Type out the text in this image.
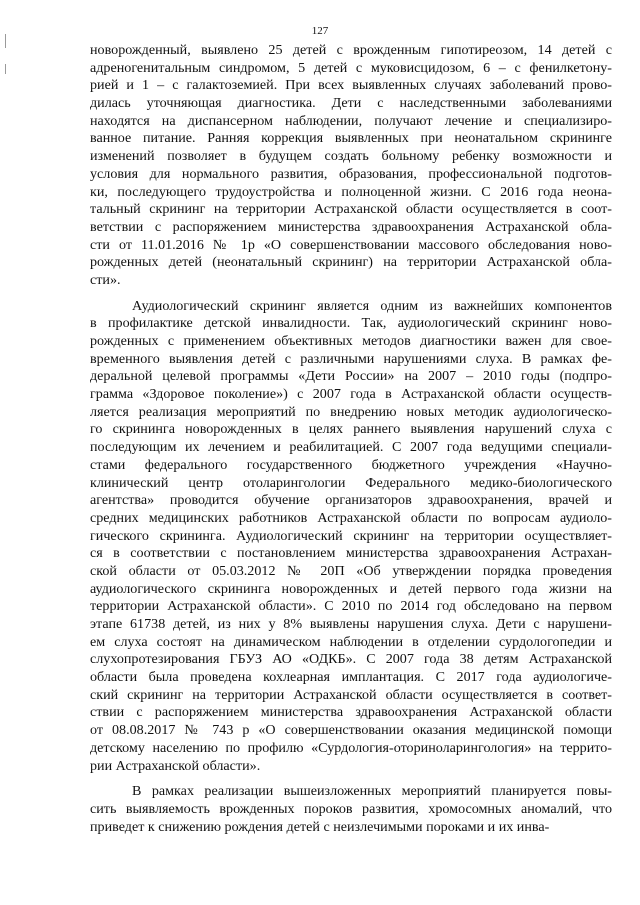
127
новорожденный, выявлено 25 детей с врожденным гипотиреозом, 14 детей с
адреногенитальным синдромом, 5 детей с муковисцидозом, 6 – с фенилкетону-
рией и 1 – с галактоземией. При всех выявленных случаях заболеваний прово-
дилась уточняющая диагностика. Дети с наследственными заболеваниями
находятся на диспансерном наблюдении, получают лечение и специализиро-
ванное питание. Ранняя коррекция выявленных при неонатальном скрининге
изменений позволяет в будущем создать больному ребенку возможности и
условия для нормального развития, образования, профессиональной подготов-
ки, последующего трудоустройства и полноценной жизни. С 2016 года неона-
тальный скрининг на территории Астраханской области осуществляется в соот-
ветствии с распоряжением министерства здравоохранения Астраханской обла-
сти от 11.01.2016 № 1р «О совершенствовании массового обследования ново-
рожденных детей (неонатальный скрининг) на территории Астраханской обла-
сти».
Аудиологический скрининг является одним из важнейших компонентов
в профилактике детской инвалидности. Так, аудиологический скрининг ново-
рожденных с применением объективных методов диагностики важен для свое-
временного выявления детей с различными нарушениями слуха. В рамках фе-
деральной целевой программы «Дети России» на 2007 – 2010 годы (подпро-
грамма «Здоровое поколение») с 2007 года в Астраханской области осуществ-
ляется реализация мероприятий по внедрению новых методик аудиологическо-
го скрининга новорожденных в целях раннего выявления нарушений слуха с
последующим их лечением и реабилитацией. С 2007 года ведущими специали-
стами федерального государственного бюджетного учреждения «Научно-
клинический центр отоларингологии Федерального медико-биологического
агентства» проводится обучение организаторов здравоохранения, врачей и
средних медицинских работников Астраханской области по вопросам аудиоло-
гического скрининга. Аудиологический скрининг на территории осуществляет-
ся в соответствии с постановлением министерства здравоохранения Астрахан-
ской области от 05.03.2012 № 20П «Об утверждении порядка проведения
аудиологического скрининга новорожденных и детей первого года жизни на
территории Астраханской области». С 2010 по 2014 год обследовано на первом
этапе 61738 детей, из них у 8% выявлены нарушения слуха. Дети с нарушени-
ем слуха состоят на динамическом наблюдении в отделении сурдологопедии и
слухопротезирования ГБУЗ АО «ОДКБ». С 2007 года 38 детям Астраханской
области была проведена кохлеарная имплантация. С 2017 года аудиологиче-
ский скрининг на территории Астраханской области осуществляется в соответ-
ствии с распоряжением министерства здравоохранения Астраханской области
от 08.08.2017 № 743 р «О совершенствовании оказания медицинской помощи
детскому населению по профилю «Сурдология-оториноларингология» на террито-
рии Астраханской области».
В рамках реализации вышеизложенных мероприятий планируется повы-
сить выявляемость врожденных пороков развития, хромосомных аномалий, что
приведет к снижению рождения детей с неизлечимыми пороками и их инва-
